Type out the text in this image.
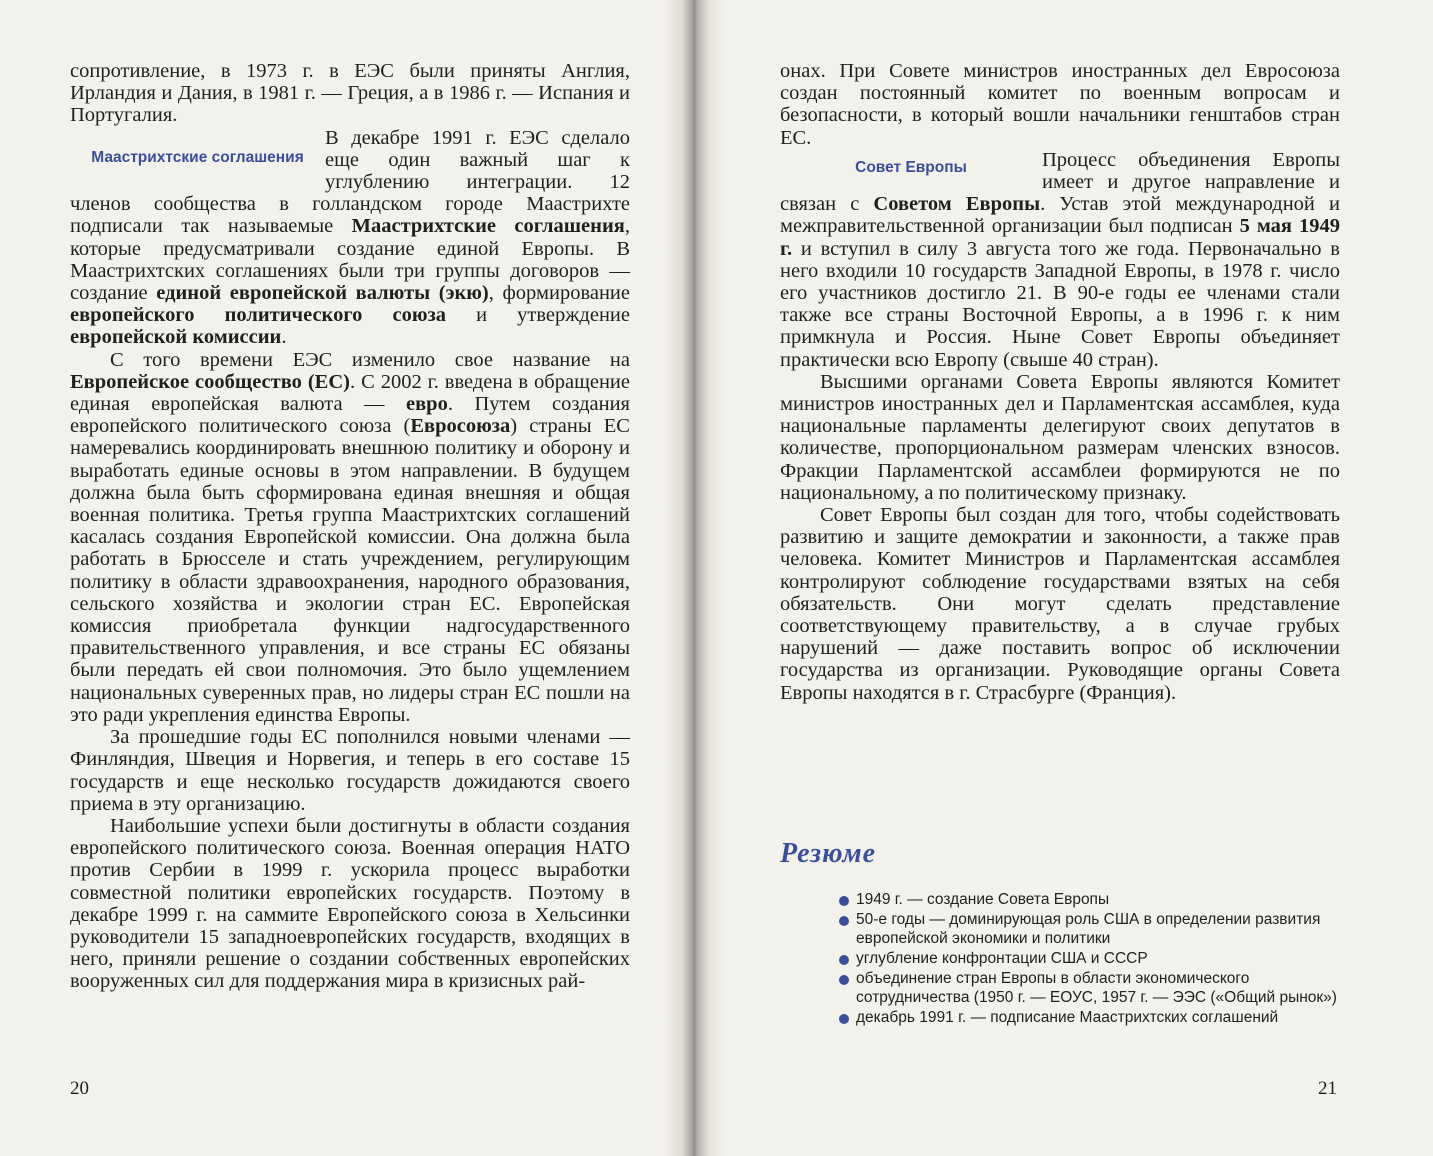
сопротивление, в 1973 г. в ЕЭС были приняты Англия, Ирландия и Дания, в 1981 г. — Греция, а в 1986 г. — Испания и Португалия.

Маастрихтские соглашения

В декабре 1991 г. ЕЭС сделало еще один важный шаг к углублению интеграции. 12 членов сообщества в голландском городе Маастрихте подписали так называемые Маастрихтские соглашения, которые предусматривали создание единой Европы. В Маастрихтских соглашениях были три группы договоров — создание единой европейской валюты (экю), формирование европейского политического союза и утверждение европейской комиссии.

С того времени ЕЭС изменило свое название на Европейское сообщество (ЕС). С 2002 г. введена в обращение единая европейская валюта — евро. Путем создания европейского политического союза (Евросоюза) страны ЕС намеревались координировать внешнюю политику и оборону и выработать единые основы в этом направлении. В будущем должна была быть сформирована единая внешняя и общая военная политика. Третья группа Маастрихтских соглашений касалась создания Европейской комиссии. Она должна была работать в Брюсселе и стать учреждением, регулирующим политику в области здравоохранения, народного образования, сельского хозяйства и экологии стран ЕС. Европейская комиссия приобретала функции надгосударственного правительственного управления, и все страны ЕС обязаны были передать ей свои полномочия. Это было ущемлением национальных суверенных прав, но лидеры стран ЕС пошли на это ради укрепления единства Европы.

За прошедшие годы ЕС пополнился новыми членами — Финляндия, Швеция и Норвегия, и теперь в его составе 15 государств и еще несколько государств дожидаются своего приема в эту организацию.

Наибольшие успехи были достигнуты в области создания европейского политического союза. Военная операция НАТО против Сербии в 1999 г. ускорила процесс выработки совместной политики европейских государств. Поэтому в декабре 1999 г. на саммите Европейского союза в Хельсинки руководители 15 западноевропейских государств, входящих в него, приняли решение о создании собственных европейских вооруженных сил для поддержания мира в кризисных рай-

20

онах. При Совете министров иностранных дел Евросоюза создан постоянный комитет по военным вопросам и безопасности, в который вошли начальники генштабов стран ЕС.

Совет Европы	Процесс объединения Европы имеет и другое направление и связан с Советом Европы. Устав этой международной и межправительственной организации был подписан 5 мая 1949 г. и вступил в силу 3 августа того же года. Первоначально в него входили 10 государств Западной Европы, в 1978 г. число его участников достигло 21. В 90-е годы ее членами стали также все страны Восточной Европы, а в 1996 г. к ним примкнула и Россия. Ныне Совет Европы объединяет практически всю Европу (свыше 40 стран).

Высшими органами Совета Европы являются Комитет министров иностранных дел и Парламентская ассамблея, куда национальные парламенты делегируют своих депутатов в количестве, пропорциональном размерам членских взносов. Фракции Парламентской ассамблеи формируются не по национальному, а по политическому признаку.

Совет Европы был создан для того, чтобы содействовать развитию и защите демократии и законности, а также прав человека. Комитет Министров и Парламентская ассамблея контролируют соблюдение государствами взятых на себя обязательств. Они могут сделать представление соответствующему правительству, а в случае грубых нарушений — даже поставить вопрос об исключении государства из организации. Руководящие органы Совета Европы находятся в г. Страсбурге (Франция).

Резюме
1949 г. — создание Совета Европы
50-е годы — доминирующая роль США в определении развития европейской экономики и политики
углубление конфронтации США и СССР
объединение стран Европы в области экономического сотрудничества (1950 г. — ЕОУС, 1957 г. — ЭЭС («Общий рынок»)
декабрь 1991 г. — подписание Маастрихтских соглашений
21
